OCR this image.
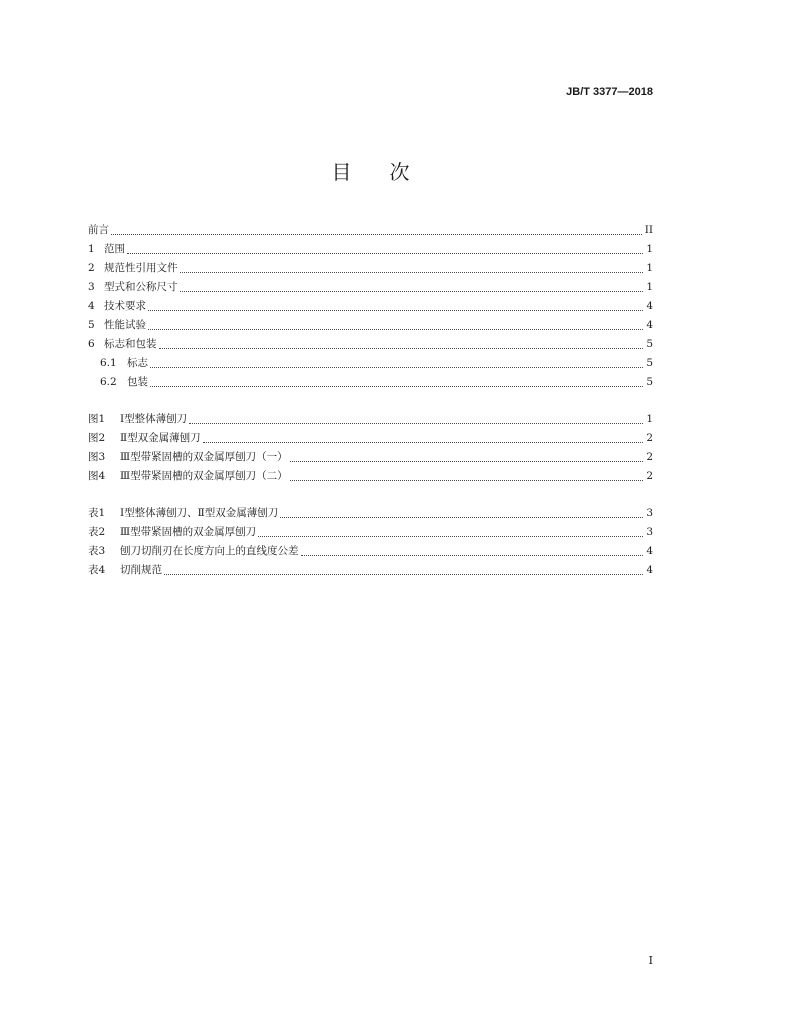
JB/T 3377—2018
目　次
前言	II
1 范围	1
2 规范性引用文件	1
3 型式和公称尺寸	1
4 技术要求	4
5 性能试验	4
6 标志和包装	5
6.1 标志	5
6.2 包装	5
图1	Ⅰ型整体薄刨刀	1
图2	Ⅱ型双金属薄刨刀	2
图3	Ⅲ型带紧固槽的双金属厚刨刀（一）	2
图4	Ⅲ型带紧固槽的双金属厚刨刀（二）	2
表1	Ⅰ型整体薄刨刀、Ⅱ型双金属薄刨刀	3
表2	Ⅲ型带紧固槽的双金属厚刨刀	3
表3	刨刀切削刃在长度方向上的直线度公差	4
表4	切削规范	4
I
